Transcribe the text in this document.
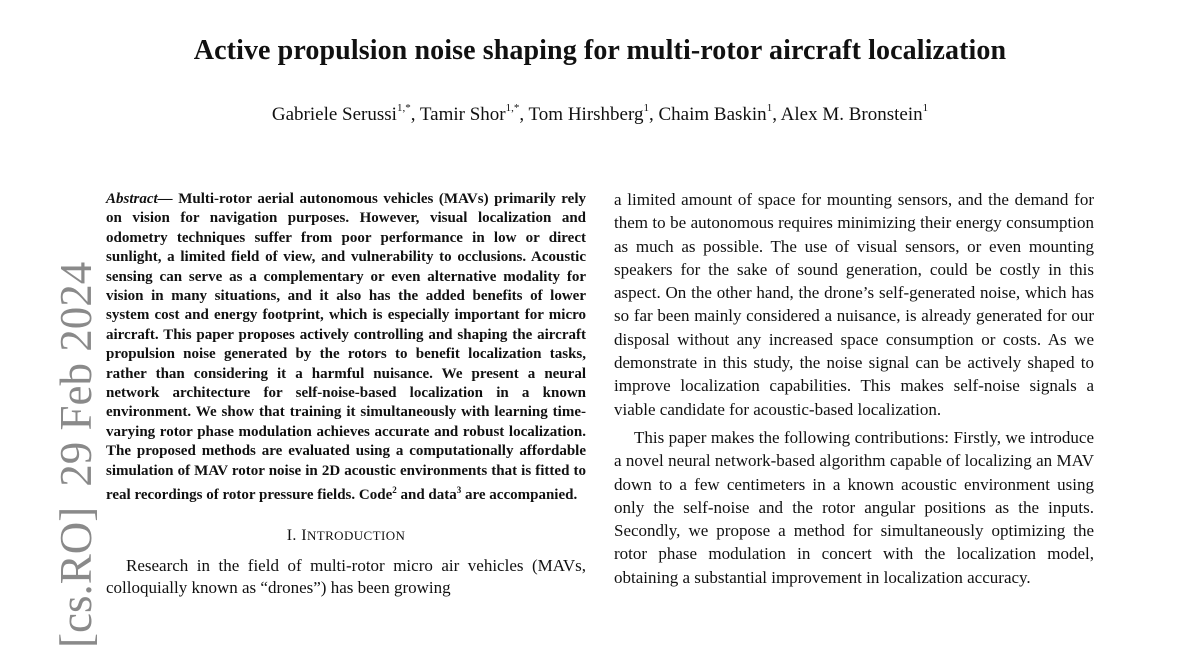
[cs.RO]29 Feb 2024
Active propulsion noise shaping for multi-rotor aircraft localization
Gabriele Serussi$^{1,*}$, Tamir Shor$^{1,*}$, Tom Hirshberg$^1$, Chaim Baskin$^1$, Alex M. Bronstein$^1$

Abstract— Multi-rotor aerial autonomous vehicles (MAVs) primarily rely on vision for navigation purposes. However, visual localization and odometry techniques suffer from poor performance in low or direct sunlight, a limited field of view, and vulnerability to occlusions. Acoustic sensing can serve as a complementary or even alternative modality for vision in many situations, and it also has the added benefits of lower system cost and energy footprint, which is especially important for micro aircraft. This paper proposes actively controlling and shaping the aircraft propulsion noise generated by the rotors to benefit localization tasks, rather than considering it a harmful nuisance. We present a neural network architecture for self-noise-based localization in a known environment. We show that training it simultaneously with learning time-varying rotor phase modulation achieves accurate and robust localization. The proposed methods are evaluated using a computationally affordable simulation of MAV rotor noise in 2D acoustic environments that is fitted to real recordings of rotor pressure fields. Code$^2$ and data$^3$ are accompanied.

I. INTRODUCTION

Research in the field of multi-rotor micro air vehicles (MAVs, colloquially known as “drones”) has been growing

a limited amount of space for mounting sensors, and the demand for them to be autonomous requires minimizing their energy consumption as much as possible. The use of visual sensors, or even mounting speakers for the sake of sound generation, could be costly in this aspect. On the other hand, the drone’s self-generated noise, which has so far been mainly considered a nuisance, is already generated for our disposal without any increased space consumption or costs. As we demonstrate in this study, the noise signal can be actively shaped to improve localization capabilities. This makes self-noise signals a viable candidate for acoustic-based localization.

This paper makes the following contributions: Firstly, we introduce a novel neural network-based algorithm capable of localizing an MAV down to a few centimeters in a known acoustic environment using only the self-noise and the rotor angular positions as the inputs. Secondly, we propose a method for simultaneously optimizing the rotor phase modulation in concert with the localization model, obtaining a substantial improvement in localization accuracy.
